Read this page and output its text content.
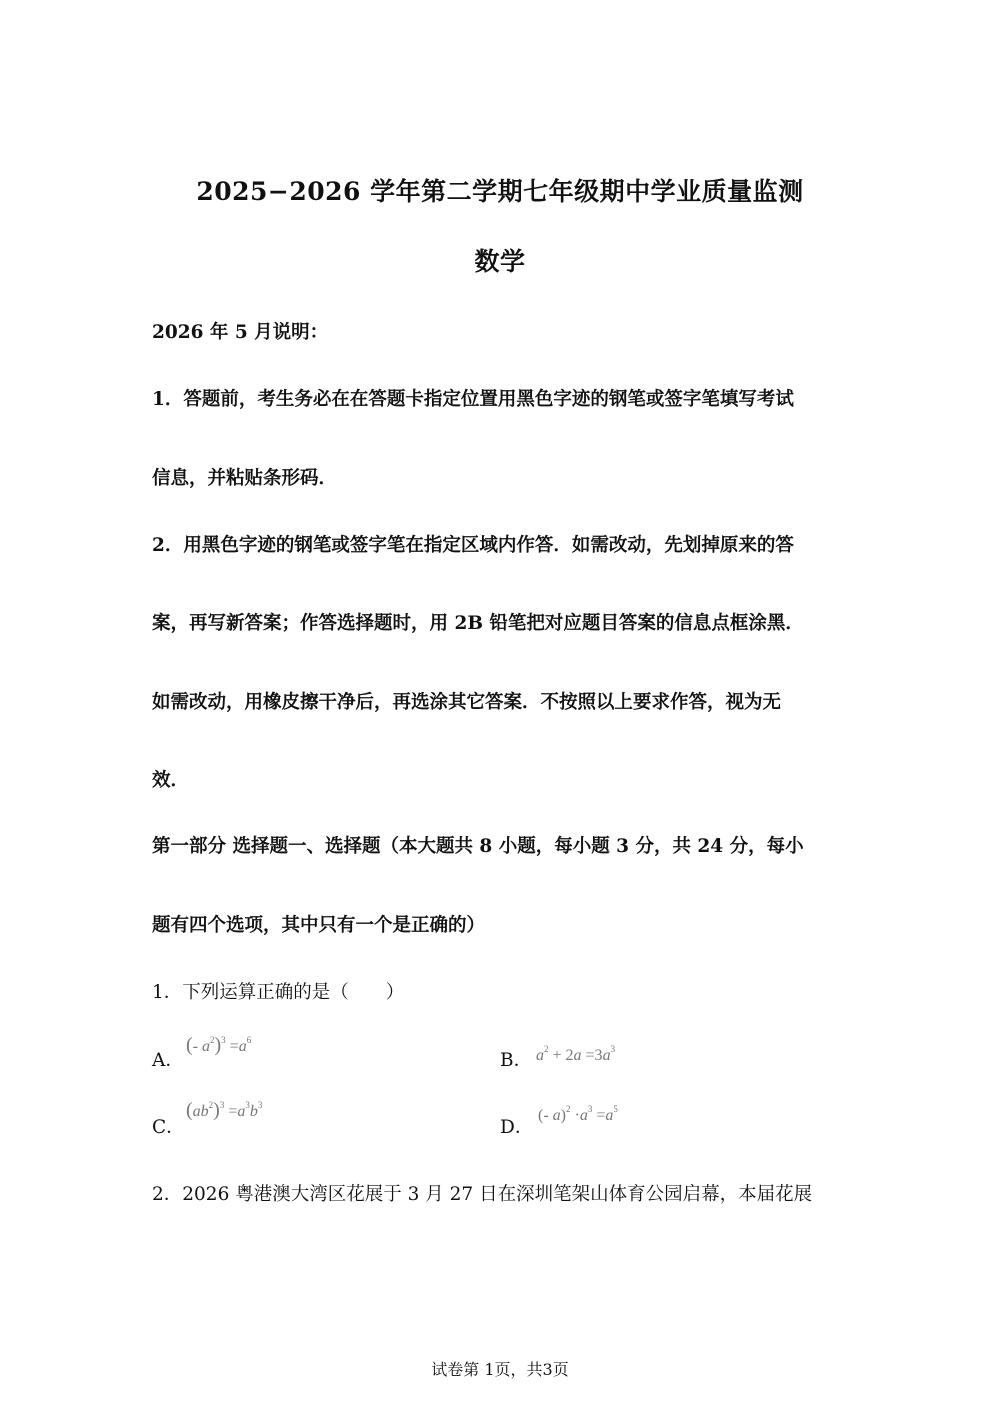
2025−2026 学年第二学期七年级期中学业质量监测
数学
2026 年 5 月说明：
1．答题前，考生务必在在答题卡指定位置用黑色字迹的钢笔或签字笔填写考试
信息，并粘贴条形码．
2．用黑色字迹的钢笔或签字笔在指定区域内作答．如需改动，先划掉原来的答
案，再写新答案；作答选择题时，用 2B 铅笔把对应题目答案的信息点框涂黑．
如需改动，用橡皮擦干净后，再选涂其它答案．不按照以上要求作答，视为无
效．
第一部分 选择题一、选择题（本大题共 8 小题，每小题 3 分，共 24 分，每小
题有四个选项，其中只有一个是正确的）
1．下列运算正确的是（　　）
A．
(- $a^2)^3 =a^6$
B． $a^2 + 2a =3a^3$
C．
$(ab^2)^3 =a^3b^3$
D．
(- $a)^2 \cdot a^3 =a^5$
2．2026 粤港澳大湾区花展于 3 月 27 日在深圳笔架山体育公园启幕，本届花展
试卷第 1页，共3页
